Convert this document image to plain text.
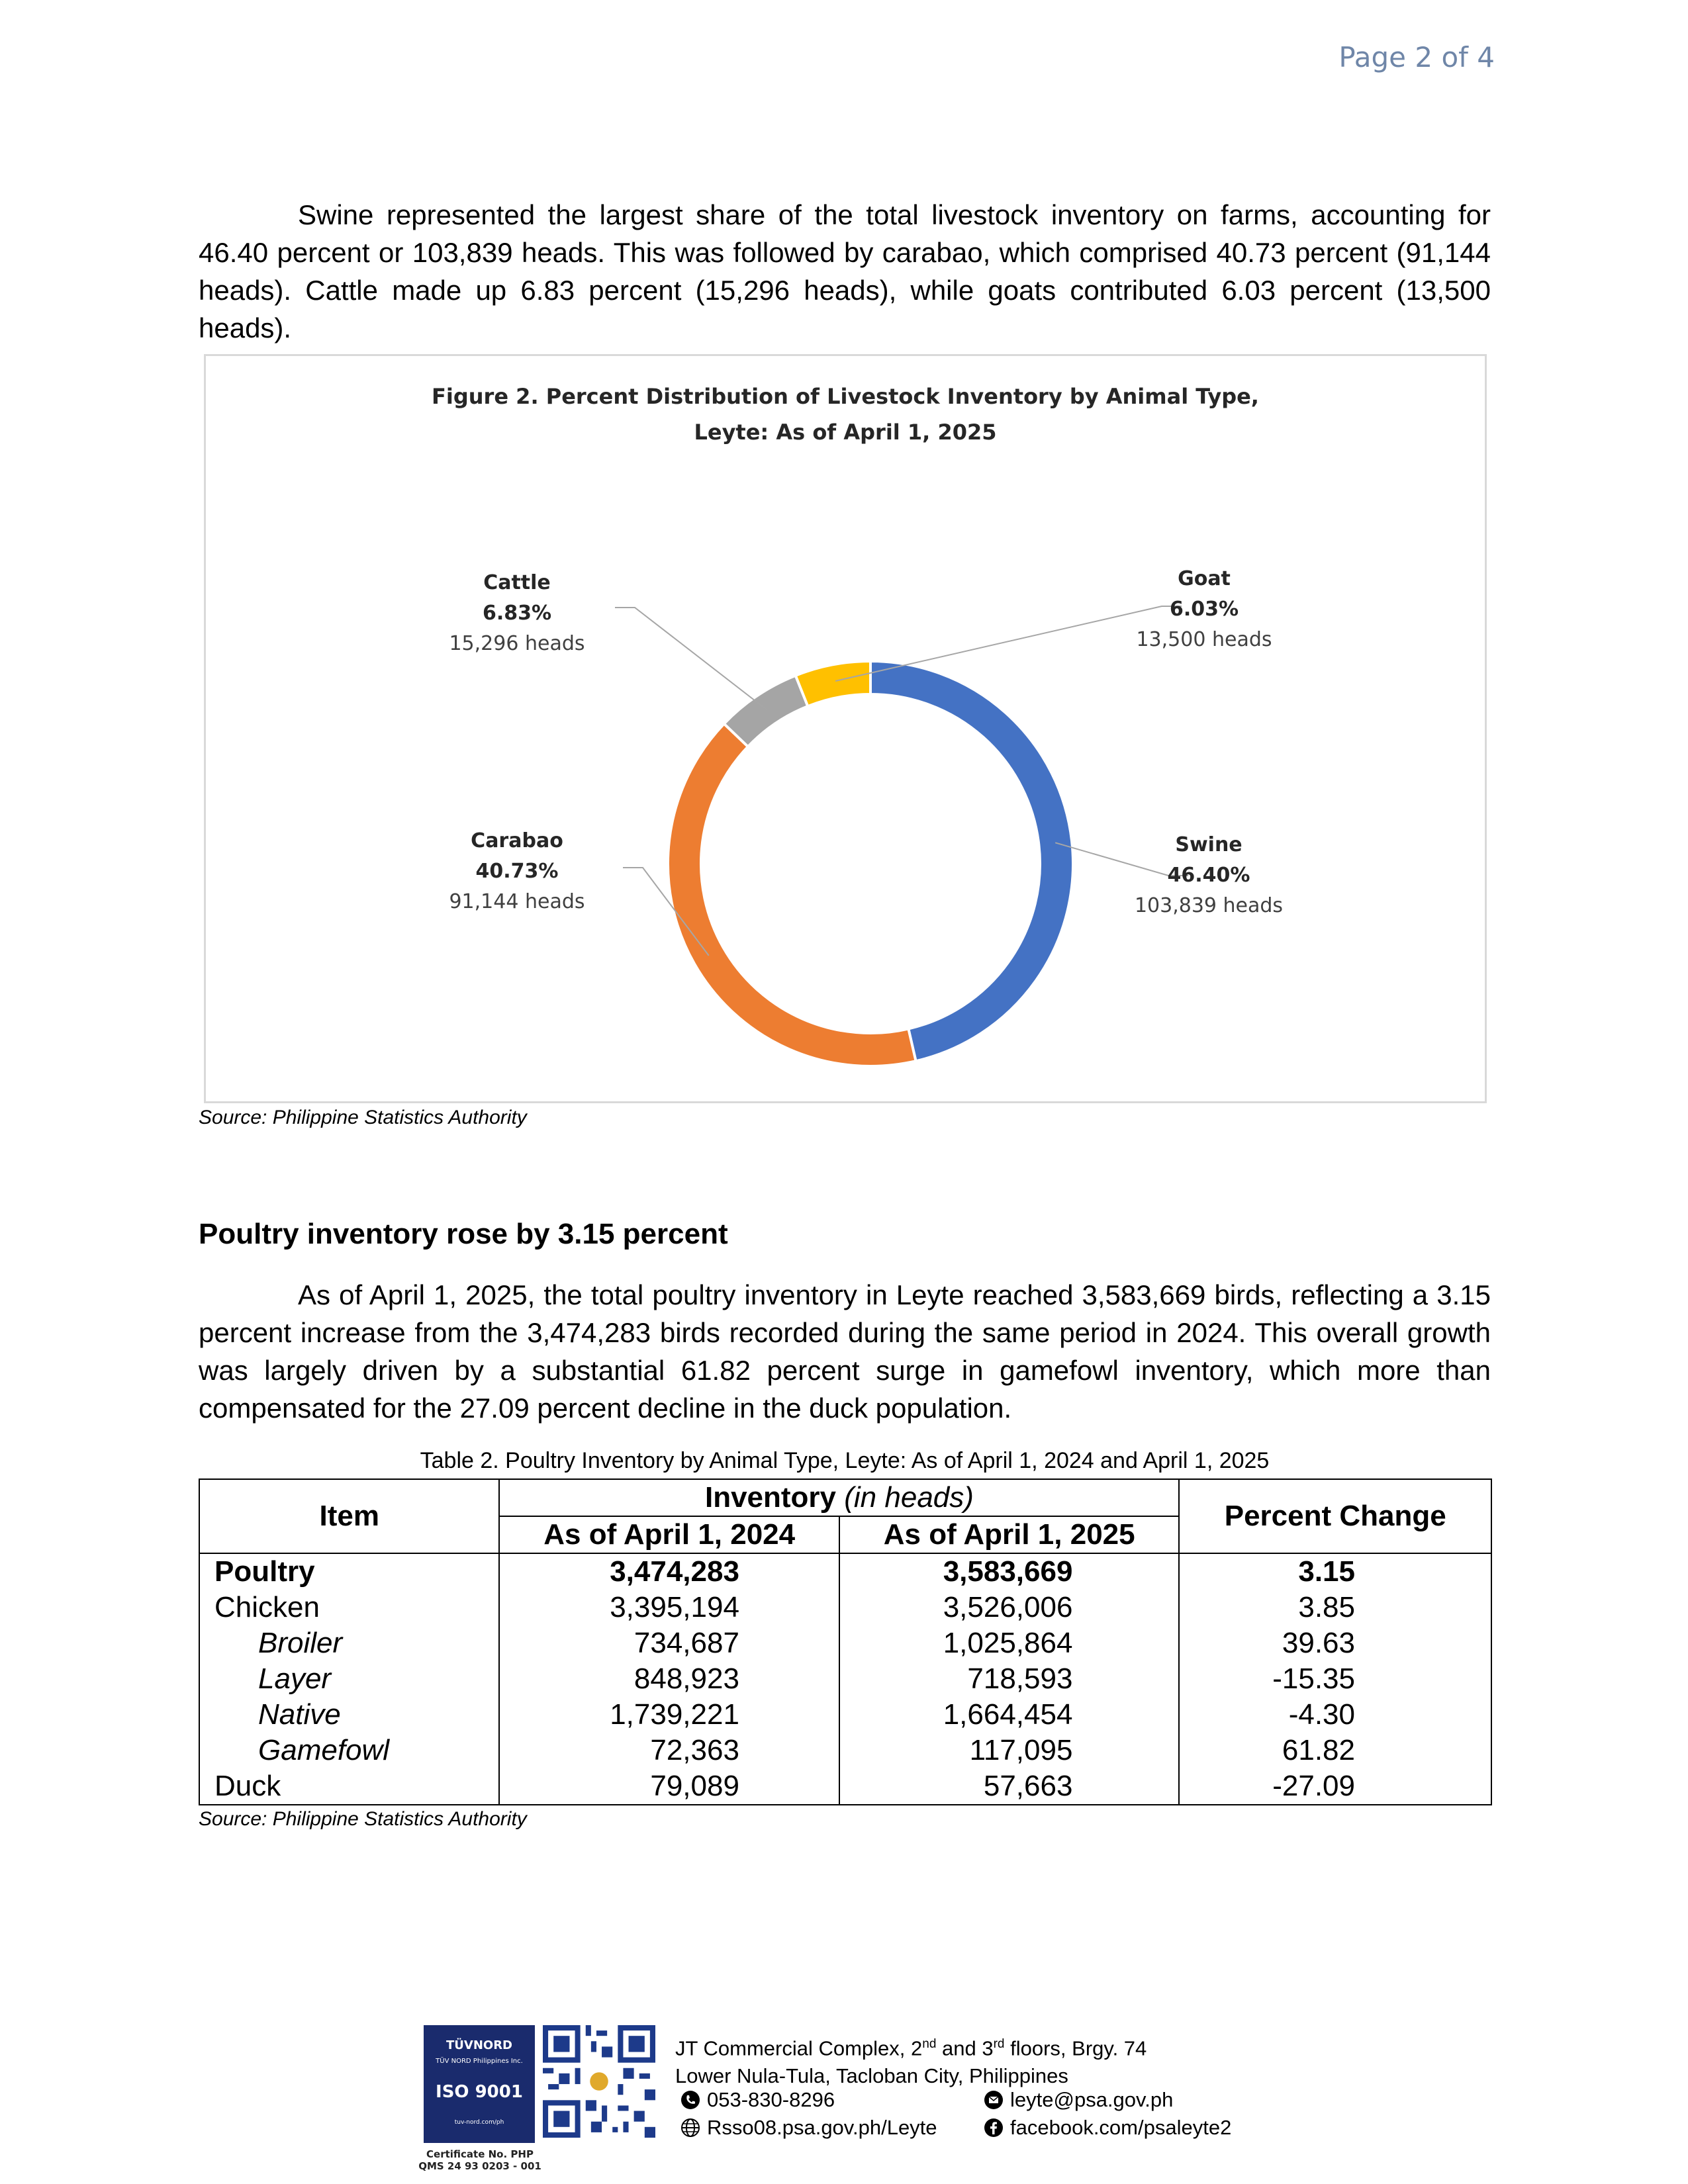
Page 2 of 4
Swine represented the largest share of the total livestock inventory on farms, accounting for 46.40 percent or 103,839 heads. This was followed by carabao, which comprised 40.73 percent (91,144 heads). Cattle made up 6.83 percent (15,296 heads), while goats contributed 6.03 percent (13,500 heads).
Figure 2. Percent Distribution of Livestock Inventory by Animal Type,
Leyte: As of April 1, 2025
Cattle
6.83%
15,296 heads
Goat
6.03%
13,500 heads
Carabao
40.73%
91,144 heads
Swine
46.40%
103,839 heads
Source: Philippine Statistics Authority
Poultry inventory rose by 3.15 percent
As of April 1, 2025, the total poultry inventory in Leyte reached 3,583,669 birds, reflecting a 3.15 percent increase from the 3,474,283 birds recorded during the same period in 2024. This overall growth was largely driven by a substantial 61.82 percent surge in gamefowl inventory, which more than compensated for the 27.09 percent decline in the duck population.
Table 2. Poultry Inventory by Animal Type, Leyte: As of April 1, 2024 and April 1, 2025
Item	Inventory (in heads)		Percent Change
	As of April 1, 2024	As of April 1, 2025	
Poultry	3,474,283	3,583,669	3.15
Chicken	3,395,194	3,526,006	3.85
Broiler	734,687	1,025,864	39.63
Layer	848,923	718,593	-15.35
Native	1,739,221	1,664,454	-4.30
Gamefowl	72,363	117,095	61.82
Duck	79,089	57,663	-27.09
Source: Philippine Statistics Authority
TÜVNORD
TÜV NORD Philippines Inc.
ISO 9001
tuv-nord.com/ph
Certificate No. PHP
QMS 24 93 0203 - 001
JT Commercial Complex, 2nd and 3rd floors, Brgy. 74
Lower Nula-Tula, Tacloban City, Philippines
053-830-8296	leyte@psa.gov.ph
Rsso08.psa.gov.ph/Leyte	facebook.com/psaleyte2
